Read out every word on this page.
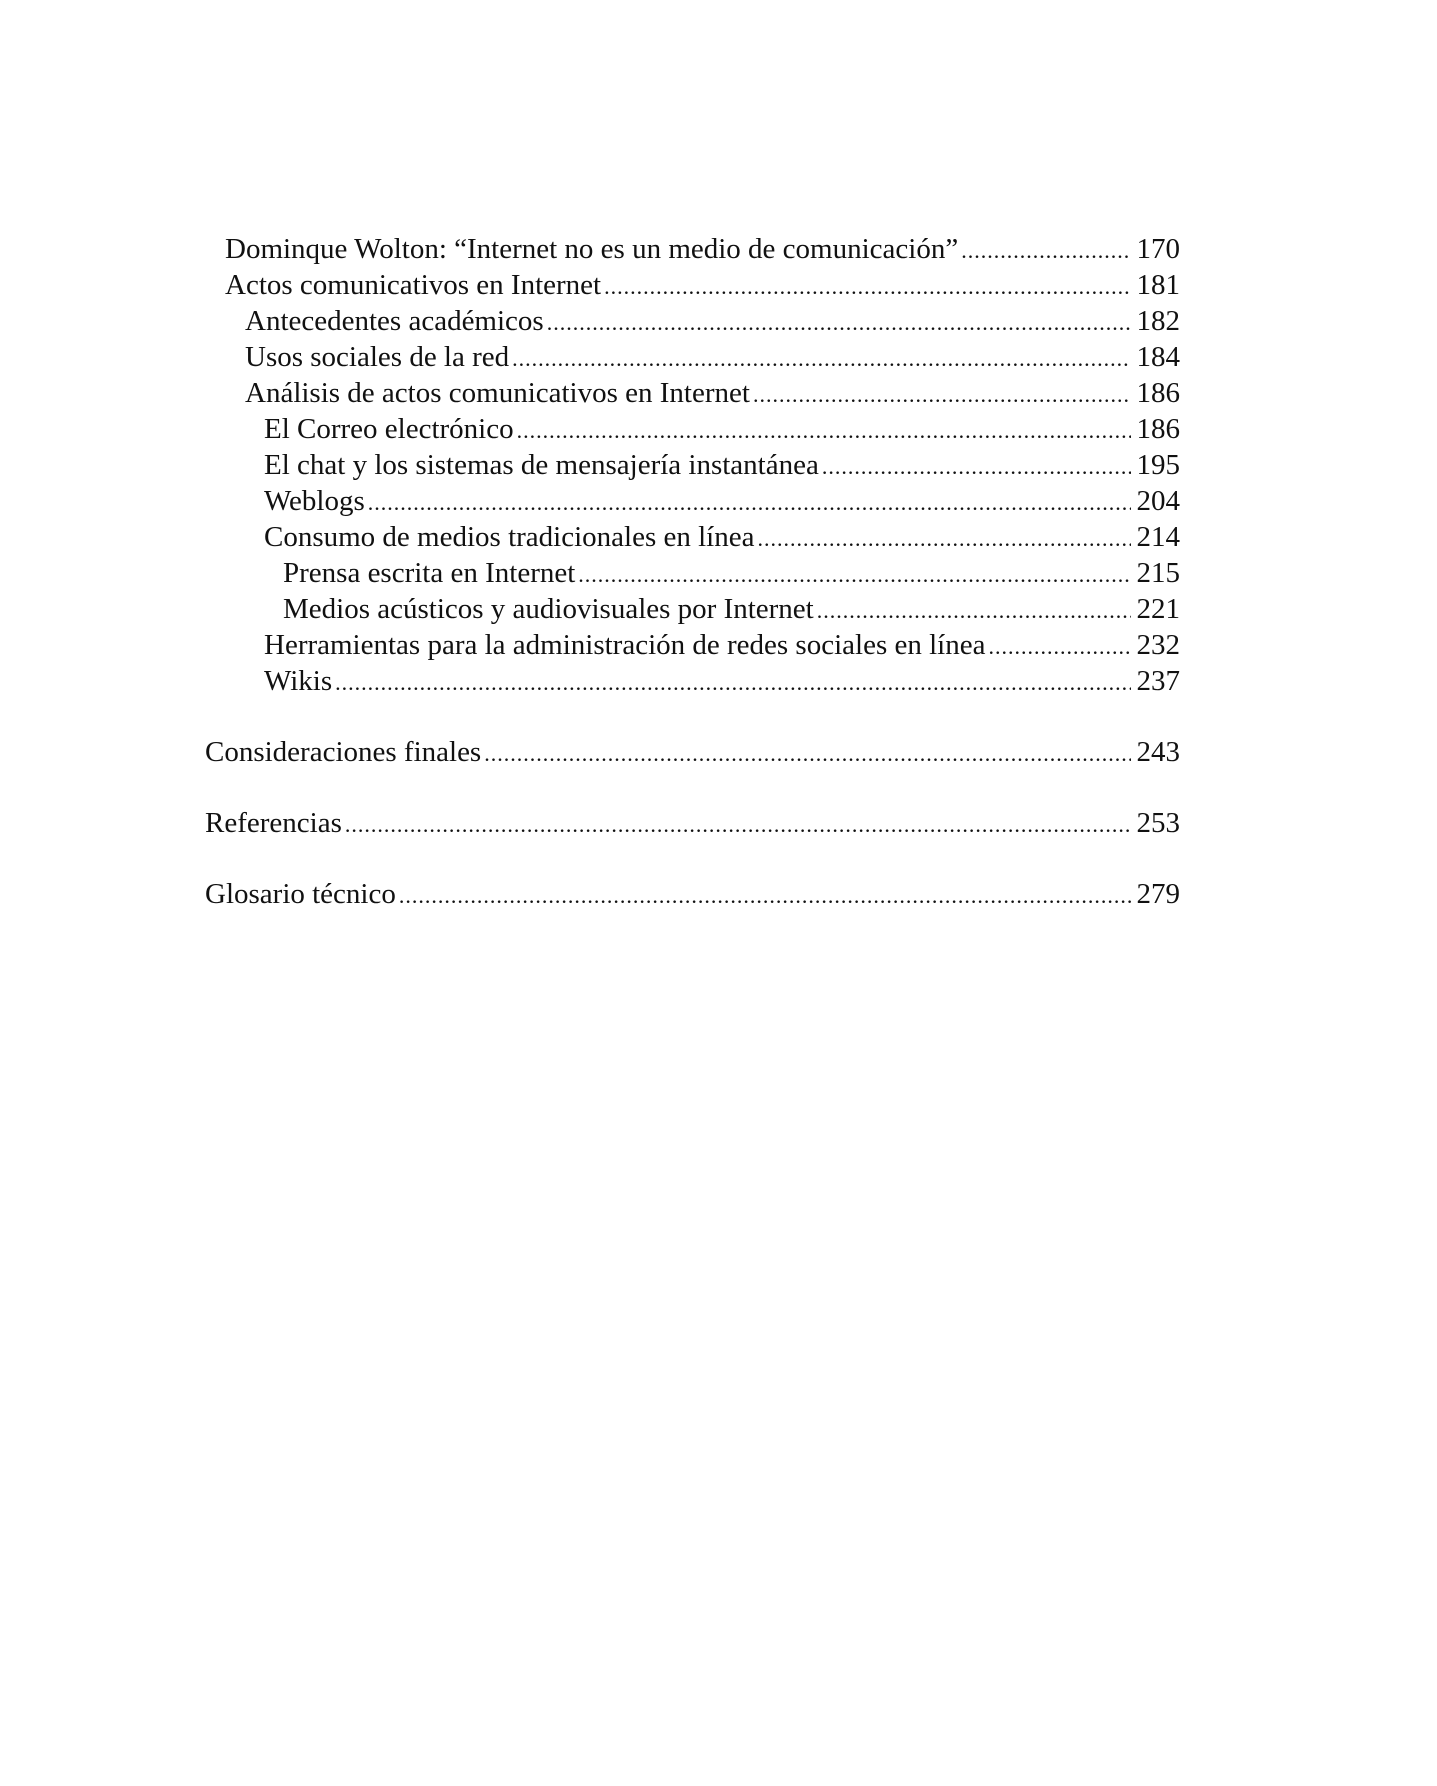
Dominque Wolton: “Internet no es un medio de comunicación” .....	170
Actos comunicativos en Internet .....	181
Antecedentes académicos .....	182
Usos sociales de la red .....	184
Análisis de actos comunicativos en Internet .....	186
El Correo electrónico .....	186
El chat y los sistemas de mensajería instantánea .....	195
Weblogs .....	204
Consumo de medios tradicionales en línea .....	214
Prensa escrita en Internet .....	215
Medios acústicos y audiovisuales por Internet .....	221
Herramientas para la administración de redes sociales en línea .....	232
Wikis .....	237
Consideraciones finales .....	243
Referencias .....	253
Glosario técnico .....	279
